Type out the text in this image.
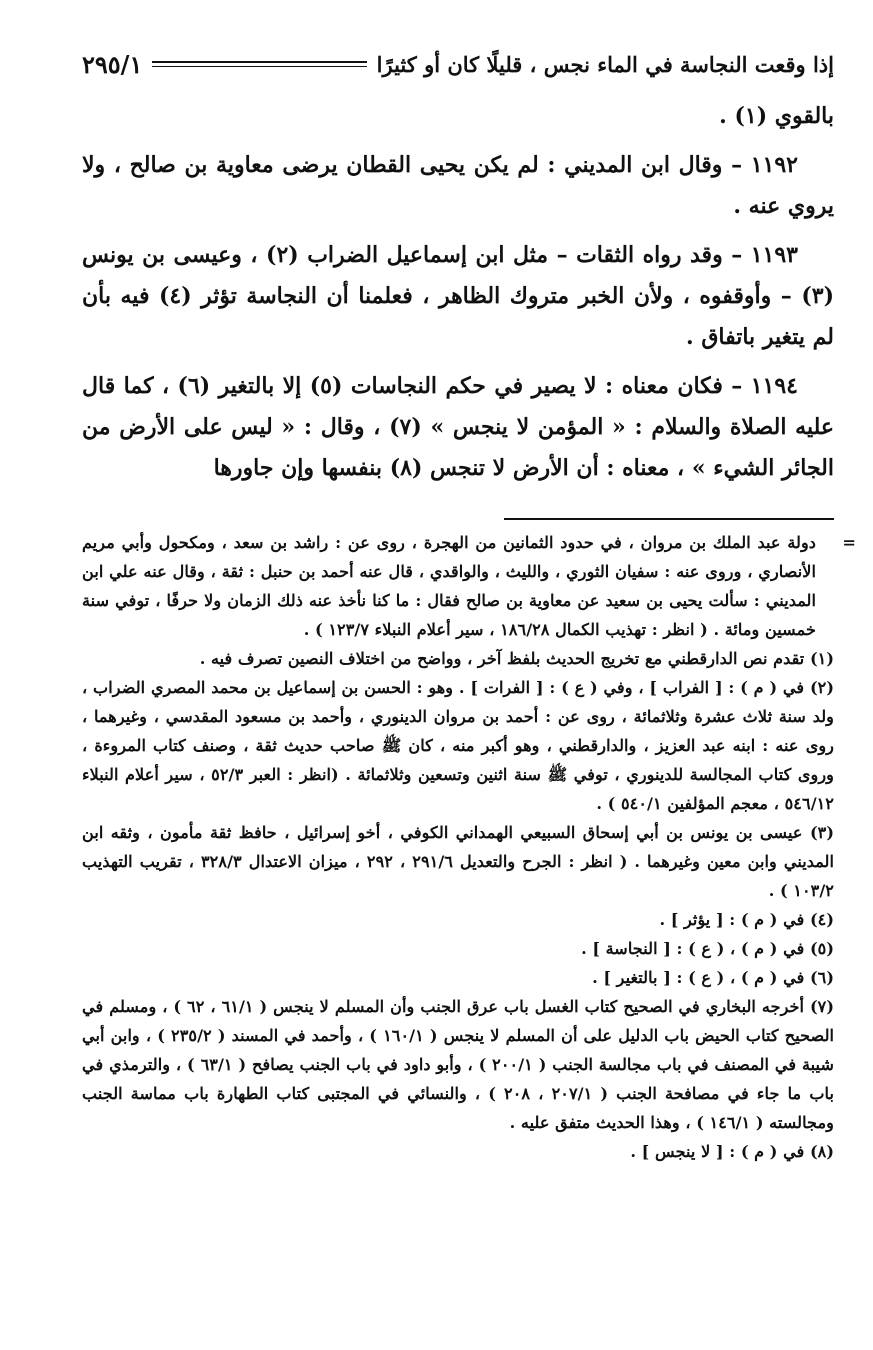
إذا وقعت النجاسة في الماء نجس ، قليلًا كان أو كثيرًا
٢٩٥/١

بالقوي (١) .

١١٩٢ – وقال ابن المديني : لم يكن يحيى القطان يرضى معاوية بن صالح ، ولا يروي عنه .

١١٩٣ – وقد رواه الثقات – مثل ابن إسماعيل الضراب (٢) ، وعيسى بن يونس (٣) – وأوقفوه ، ولأن الخبر متروك الظاهر ، فعلمنا أن النجاسة تؤثر (٤) فيه بأن لم يتغير باتفاق .

١١٩٤ – فكان معناه : لا يصير في حكم النجاسات (٥) إلا بالتغير (٦) ، كما قال عليه الصلاة والسلام : « المؤمن لا ينجس » (٧) ، وقال : « ليس على الأرض من الجائر الشيء » ، معناه : أن الأرض لا تنجس (٨) بنفسها وإن جاورها

=
دولة عبد الملك بن مروان ، في حدود الثمانين من الهجرة ، روى عن : راشد بن سعد ، ومكحول وأبي مريم الأنصاري ، وروى عنه : سفيان الثوري ، والليث ، والواقدي ، قال عنه أحمد بن حنبل : ثقة ، وقال عنه علي ابن المديني : سألت يحيى بن سعيد عن معاوية بن صالح فقال : ما كنا نأخذ عنه ذلك الزمان ولا حرفًا ، توفي سنة خمسين ومائة . ( انظر : تهذيب الكمال ١٨٦/٢٨ ، سير أعلام النبلاء ١٢٣/٧ ) .

(١) تقدم نص الدارقطني مع تخريج الحديث بلفظ آخر ، وواضح من اختلاف النصين تصرف فيه .

(٢) في ( م ) : [ الفراب ] ، وفي ( ع ) : [ الفرات ] . وهو : الحسن بن إسماعيل بن محمد المصري الضراب ، ولد سنة ثلاث عشرة وثلاثمائة ، روى عن : أحمد بن مروان الدينوري ، وأحمد بن مسعود المقدسي ، وغيرهما ، روى عنه : ابنه عبد العزيز ، والدارقطني ، وهو أكبر منه ، كان ﷺ صاحب حديث ثقة ، وصنف كتاب المروءة ، وروى كتاب المجالسة للدينوري ، توفي ﷺ سنة اثنين وتسعين وثلاثمائة . (انظر : العبر ٥٢/٣ ، سير أعلام النبلاء ٥٤٦/١٢ ، معجم المؤلفين ٥٤٠/١ ) .

(٣) عيسى بن يونس بن أبي إسحاق السبيعي الهمداني الكوفي ، أخو إسرائيل ، حافظ ثقة مأمون ، وثقه ابن المديني وابن معين وغيرهما . ( انظر : الجرح والتعديل ٢٩١/٦ ، ٢٩٢ ، ميزان الاعتدال ٣٢٨/٣ ، تقريب التهذيب ١٠٣/٢ ) .

(٤) في ( م ) : [ يؤثر ] .

(٥) في ( م ) ، ( ع ) : [ النجاسة ] .

(٦) في ( م ) ، ( ع ) : [ بالتغير ] .

(٧) أخرجه البخاري في الصحيح كتاب الغسل باب عرق الجنب وأن المسلم لا ينجس ( ٦١/١ ، ٦٢ ) ، ومسلم في الصحيح كتاب الحيض باب الدليل على أن المسلم لا ينجس ( ١٦٠/١ ) ، وأحمد في المسند ( ٢٣٥/٢ ) ، وابن أبي شيبة في المصنف في باب مجالسة الجنب ( ٢٠٠/١ ) ، وأبو داود في باب الجنب يصافح ( ٦٣/١ ) ، والترمذي في باب ما جاء في مصافحة الجنب ( ٢٠٧/١ ، ٢٠٨ ) ، والنسائي في المجتبى كتاب الطهارة باب مماسة الجنب ومجالسته ( ١٤٦/١ ) ، وهذا الحديث متفق عليه .

(٨) في ( م ) : [ لا ينجس ] .
